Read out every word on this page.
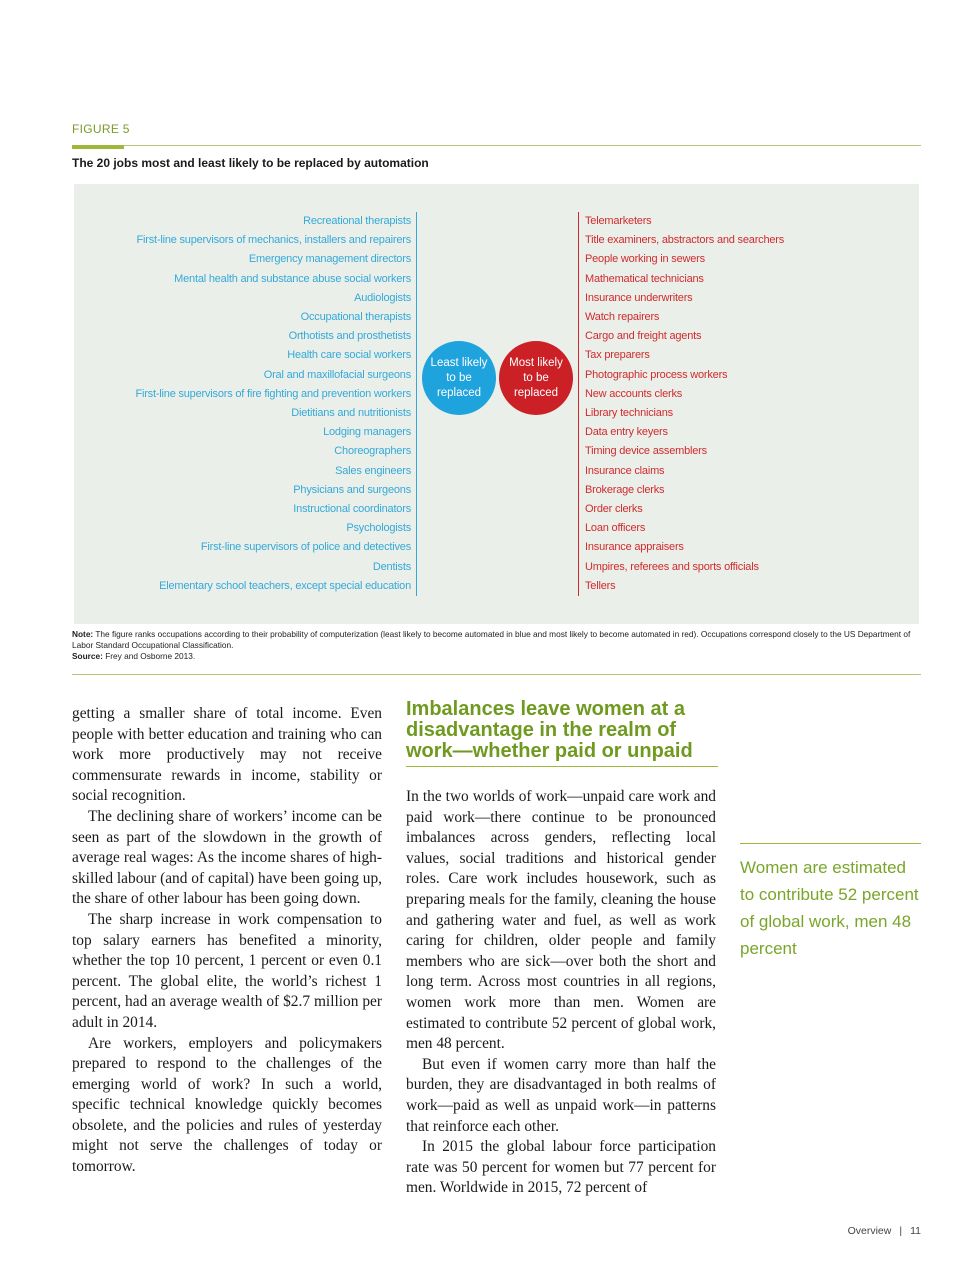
FIGURE 5
The 20 jobs most and least likely to be replaced by automation
Recreational therapists
First-line supervisors of mechanics, installers and repairers
Emergency management directors
Mental health and substance abuse social workers
Audiologists
Occupational therapists
Orthotists and prosthetists
Health care social workers
Oral and maxillofacial surgeons
First-line supervisors of fire fighting and prevention workers
Dietitians and nutritionists
Lodging managers
Choreographers
Sales engineers
Physicians and surgeons
Instructional coordinators
Psychologists
First-line supervisors of police and detectives
Dentists
Elementary school teachers, except special education
Least likely to be replaced
Most likely to be replaced
Telemarketers
Title examiners, abstractors and searchers
People working in sewers
Mathematical technicians
Insurance underwriters
Watch repairers
Cargo and freight agents
Tax preparers
Photographic process workers
New accounts clerks
Library technicians
Data entry keyers
Timing device assemblers
Insurance claims
Brokerage clerks
Order clerks
Loan officers
Insurance appraisers
Umpires, referees and sports officials
Tellers
Note: The figure ranks occupations according to their probability of computerization (least likely to become automated in blue and most likely to become automated in red). Occupations correspond closely to the US Department of Labor Standard Occupational Classification.
Source: Frey and Osborne 2013.

getting a smaller share of total income. Even people with better education and training who can work more productively may not receive commensurate rewards in income, stability or social recognition.

The declining share of workers’ income can be seen as part of the slowdown in the growth of average real wages: As the income shares of high-skilled labour (and of capital) have been going up, the share of other labour has been going down.

The sharp increase in work compensation to top salary earners has benefited a minority, whether the top 10 percent, 1 percent or even 0.1 percent. The global elite, the world’s richest 1 percent, had an average wealth of $2.7 million per adult in 2014.

Are workers, employers and policymakers prepared to respond to the challenges of the emerging world of work? In such a world, specific technical knowledge quickly becomes obsolete, and the policies and rules of yesterday might not serve the challenges of today or tomorrow.

Imbalances leave women at a disadvantage in the realm of work—whether paid or unpaid

In the two worlds of work—unpaid care work and paid work—there continue to be pronounced imbalances across genders, reflecting local values, social traditions and historical gender roles. Care work includes housework, such as preparing meals for the family, cleaning the house and gathering water and fuel, as well as work caring for children, older people and family members who are sick—over both the short and long term. Across most countries in all regions, women work more than men. Women are estimated to contribute 52 percent of global work, men 48 percent.

But even if women carry more than half the burden, they are disadvantaged in both realms of work—paid as well as unpaid work—in patterns that reinforce each other.

In 2015 the global labour force participation rate was 50 percent for women but 77 percent for men. Worldwide in 2015, 72 percent of

Women are estimated to contribute 52 percent of global work, men 48 percent
Overview | 11
